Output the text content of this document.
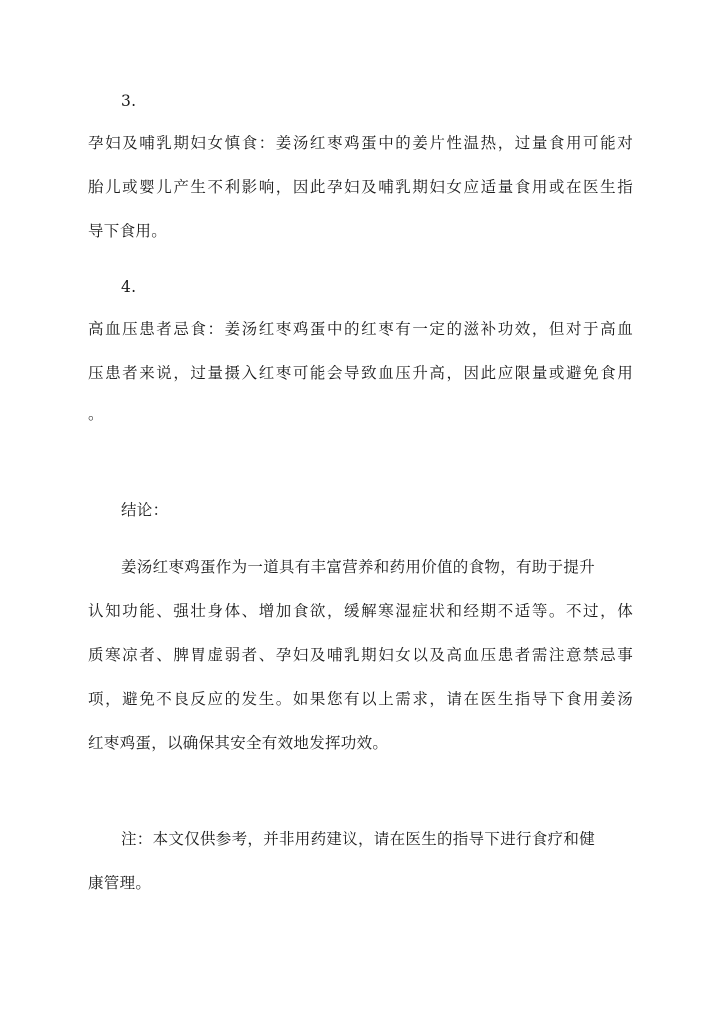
3.
孕妇及哺乳期妇女慎食：姜汤红枣鸡蛋中的姜片性温热，过量食用可能对
胎儿或婴儿产生不利影响，因此孕妇及哺乳期妇女应适量食用或在医生指
导下食用。
4.
高血压患者忌食：姜汤红枣鸡蛋中的红枣有一定的滋补功效，但对于高血
压患者来说，过量摄入红枣可能会导致血压升高，因此应限量或避免食用
。
结论：
姜汤红枣鸡蛋作为一道具有丰富营养和药用价值的食物，有助于提升
认知功能、强壮身体、增加食欲，缓解寒湿症状和经期不适等。不过，体
质寒凉者、脾胃虚弱者、孕妇及哺乳期妇女以及高血压患者需注意禁忌事
项，避免不良反应的发生。如果您有以上需求，请在医生指导下食用姜汤
红枣鸡蛋，以确保其安全有效地发挥功效。
注：本文仅供参考，并非用药建议，请在医生的指导下进行食疗和健
康管理。
